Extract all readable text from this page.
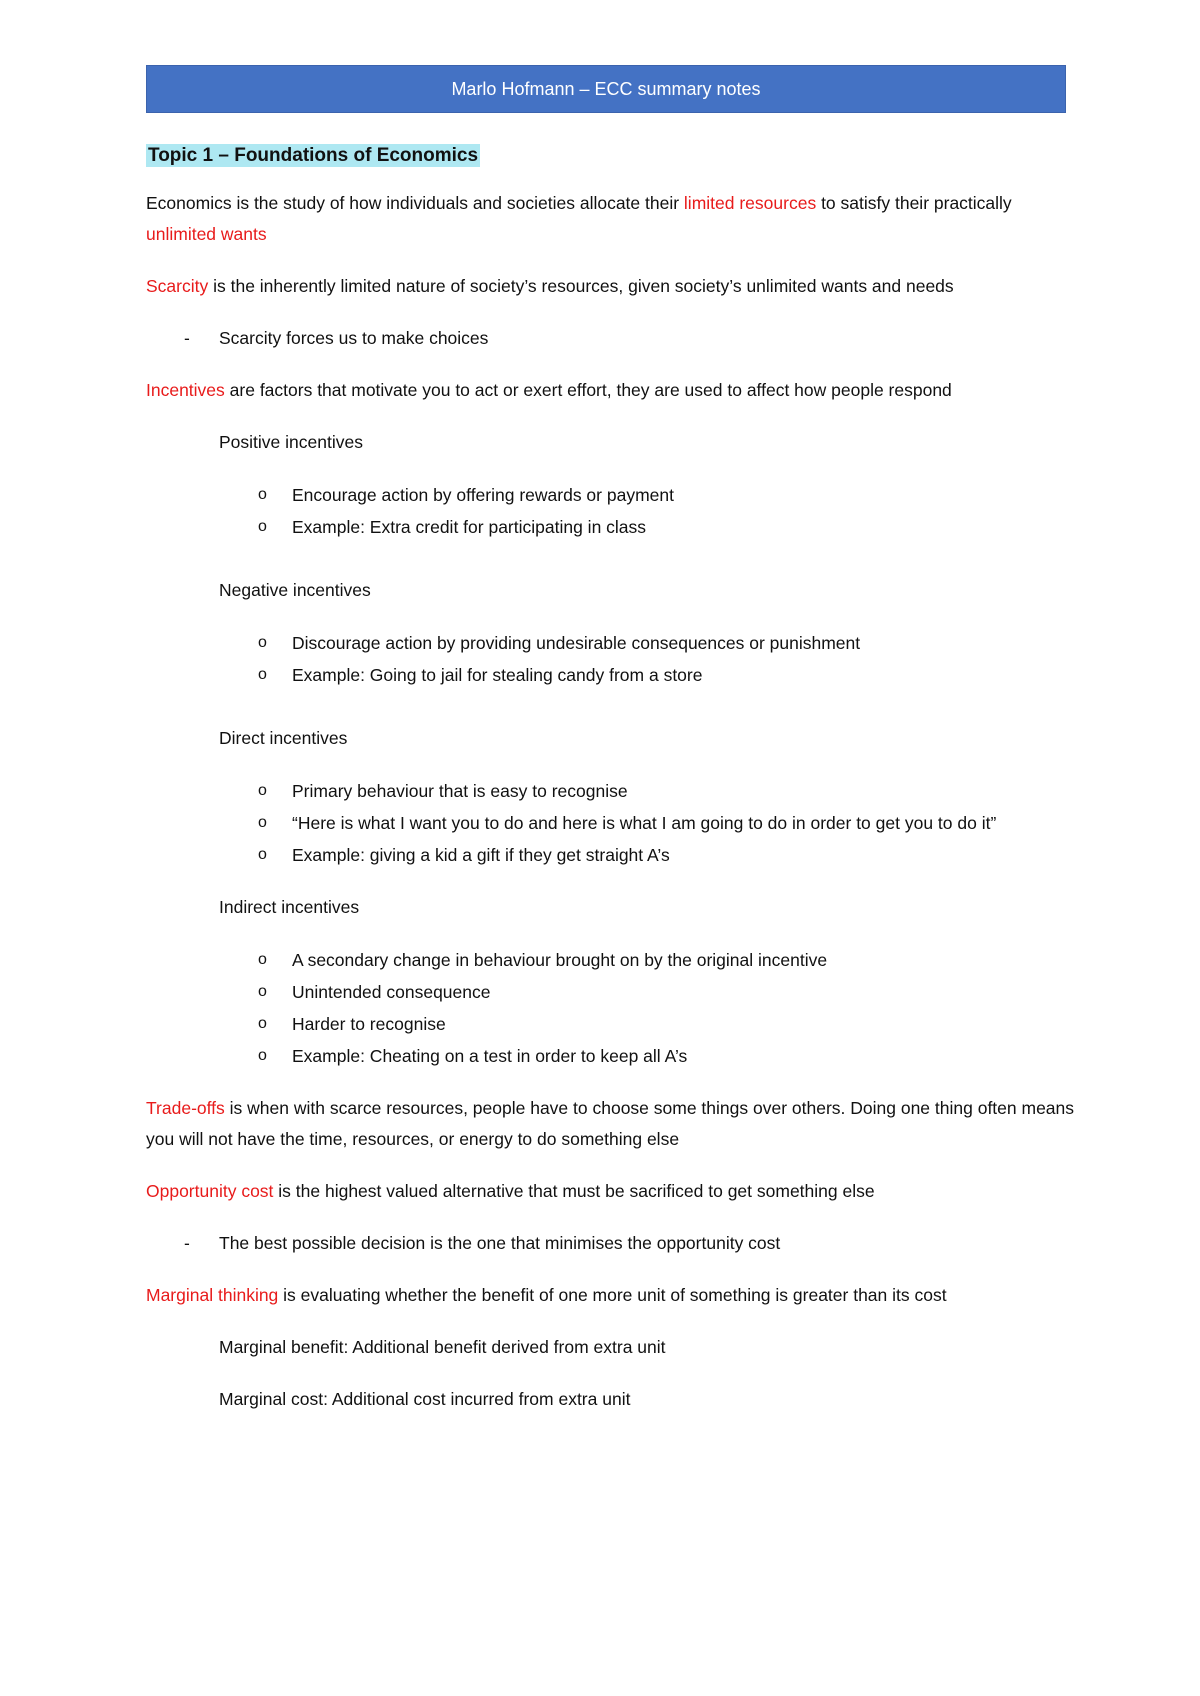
Marlo Hofmann – ECC summary notes
Topic 1 – Foundations of Economics

Economics is the study of how individuals and societies allocate their limited resources to satisfy their practically unlimited wants

Scarcity is the inherently limited nature of society’s resources, given society’s unlimited wants and needs

- Scarcity forces us to make choices

Incentives are factors that motivate you to act or exert effort, they are used to affect how people respond

Positive incentives
o Encourage action by offering rewards or payment
o Example: Extra credit for participating in class
Negative incentives
o Discourage action by providing undesirable consequences or punishment
o Example: Going to jail for stealing candy from a store
Direct incentives
o Primary behaviour that is easy to recognise
o “Here is what I want you to do and here is what I am going to do in order to get you to do it”
o Example: giving a kid a gift if they get straight A’s
Indirect incentives
o A secondary change in behaviour brought on by the original incentive
o Unintended consequence
o Harder to recognise
o Example: Cheating on a test in order to keep all A’s

Trade-offs is when with scarce resources, people have to choose some things over others. Doing one thing often means you will not have the time, resources, or energy to do something else

Opportunity cost is the highest valued alternative that must be sacrificed to get something else

- The best possible decision is the one that minimises the opportunity cost

Marginal thinking is evaluating whether the benefit of one more unit of something is greater than its cost

Marginal benefit: Additional benefit derived from extra unit

Marginal cost: Additional cost incurred from extra unit
